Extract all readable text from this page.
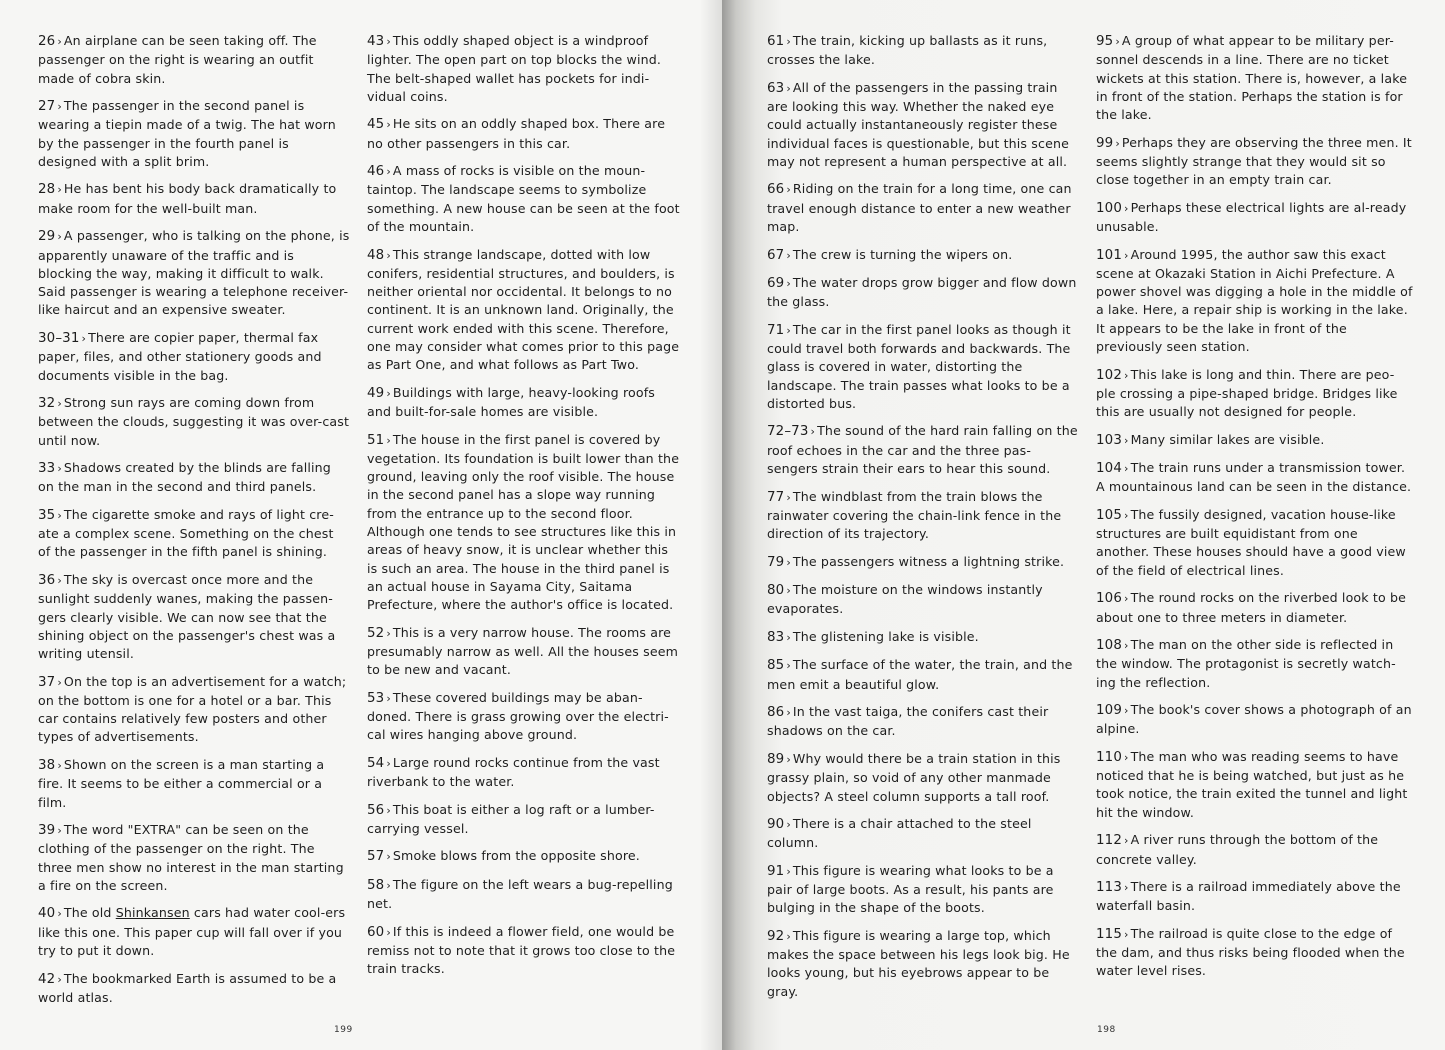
26 › An airplane can be seen taking off. The passenger on the right is wearing an outfit made of cobra skin.

27 › The passenger in the second panel is wearing a tiepin made of a twig. The hat worn by the passenger in the fourth panel is designed with a split brim.

28 › He has bent his body back dramatically to make room for the well-built man.

29 › A passenger, who is talking on the phone, is apparently unaware of the traffic and is blocking the way, making it difficult to walk. Said passenger is wearing a telephone receiver-like haircut and an expensive sweater.

30–31 › There are copier paper, thermal fax paper, files, and other stationery goods and documents visible in the bag.

32 › Strong sun rays are coming down from between the clouds, suggesting it was over-cast until now.

33 › Shadows created by the blinds are falling on the man in the second and third panels.

35 › The cigarette smoke and rays of light cre-ate a complex scene. Something on the chest of the passenger in the fifth panel is shining.

36 › The sky is overcast once more and the sunlight suddenly wanes, making the passen-gers clearly visible. We can now see that the shining object on the passenger's chest was a writing utensil.

37 › On the top is an advertisement for a watch; on the bottom is one for a hotel or a bar. This car contains relatively few posters and other types of advertisements.

38 › Shown on the screen is a man starting a fire. It seems to be either a commercial or a film.

39 › The word "EXTRA" can be seen on the clothing of the passenger on the right. The three men show no interest in the man starting a fire on the screen.

40 › The old Shinkansen cars had water cool-ers like this one. This paper cup will fall over if you try to put it down.

42 › The bookmarked Earth is assumed to be a world atlas.

43 › This oddly shaped object is a windproof lighter. The open part on top blocks the wind. The belt-shaped wallet has pockets for indi-vidual coins.

45 › He sits on an oddly shaped box. There are no other passengers in this car.

46 › A mass of rocks is visible on the moun-taintop. The landscape seems to symbolize something. A new house can be seen at the foot of the mountain.

48 › This strange landscape, dotted with low conifers, residential structures, and boulders, is neither oriental nor occidental. It belongs to no continent. It is an unknown land. Originally, the current work ended with this scene. Therefore, one may consider what comes prior to this page as Part One, and what follows as Part Two.

49 › Buildings with large, heavy-looking roofs and built-for-sale homes are visible.

51 › The house in the first panel is covered by vegetation. Its foundation is built lower than the ground, leaving only the roof visible. The house in the second panel has a slope way running from the entrance up to the second floor. Although one tends to see structures like this in areas of heavy snow, it is unclear whether this is such an area. The house in the third panel is an actual house in Sayama City, Saitama Prefecture, where the author's office is located.

52 › This is a very narrow house. The rooms are presumably narrow as well. All the houses seem to be new and vacant.

53 › These covered buildings may be aban-doned. There is grass growing over the electri-cal wires hanging above ground.

54 › Large round rocks continue from the vast riverbank to the water.

56 › This boat is either a log raft or a lumber-carrying vessel.

57 › Smoke blows from the opposite shore.

58 › The figure on the left wears a bug-repelling net.

60 › If this is indeed a flower field, one would be remiss not to note that it grows too close to the train tracks.

199	198

61 › The train, kicking up ballasts as it runs, crosses the lake.

63 › All of the passengers in the passing train are looking this way. Whether the naked eye could actually instantaneously register these individual faces is questionable, but this scene may not represent a human perspective at all.

66 › Riding on the train for a long time, one can travel enough distance to enter a new weather map.

67 › The crew is turning the wipers on.

69 › The water drops grow bigger and flow down the glass.

71 › The car in the first panel looks as though it could travel both forwards and backwards. The glass is covered in water, distorting the landscape. The train passes what looks to be a distorted bus.

72–73 › The sound of the hard rain falling on the roof echoes in the car and the three pas-sengers strain their ears to hear this sound.

77 › The windblast from the train blows the rainwater covering the chain-link fence in the direction of its trajectory.

79 › The passengers witness a lightning strike.

80 › The moisture on the windows instantly evaporates.

83 › The glistening lake is visible.

85 › The surface of the water, the train, and the men emit a beautiful glow.

86 › In the vast taiga, the conifers cast their shadows on the car.

89 › Why would there be a train station in this grassy plain, so void of any other manmade objects? A steel column supports a tall roof.

90 › There is a chair attached to the steel column.

91 › This figure is wearing what looks to be a pair of large boots. As a result, his pants are bulging in the shape of the boots.

92 › This figure is wearing a large top, which makes the space between his legs look big. He looks young, but his eyebrows appear to be gray.

95 › A group of what appear to be military per-sonnel descends in a line. There are no ticket wickets at this station. There is, however, a lake in front of the station. Perhaps the station is for the lake.

99 › Perhaps they are observing the three men. It seems slightly strange that they would sit so close together in an empty train car.

100 › Perhaps these electrical lights are al-ready unusable.

101 › Around 1995, the author saw this exact scene at Okazaki Station in Aichi Prefecture. A power shovel was digging a hole in the middle of a lake. Here, a repair ship is working in the lake. It appears to be the lake in front of the previously seen station.

102 › This lake is long and thin. There are peo-ple crossing a pipe-shaped bridge. Bridges like this are usually not designed for people.

103 › Many similar lakes are visible.

104 › The train runs under a transmission tower. A mountainous land can be seen in the distance.

105 › The fussily designed, vacation house-like structures are built equidistant from one another. These houses should have a good view of the field of electrical lines.

106 › The round rocks on the riverbed look to be about one to three meters in diameter.

108 › The man on the other side is reflected in the window. The protagonist is secretly watch-ing the reflection.

109 › The book's cover shows a photograph of an alpine.

110 › The man who was reading seems to have noticed that he is being watched, but just as he took notice, the train exited the tunnel and light hit the window.

112 › A river runs through the bottom of the concrete valley.

113 › There is a railroad immediately above the waterfall basin.

115 › The railroad is quite close to the edge of the dam, and thus risks being flooded when the water level rises.
